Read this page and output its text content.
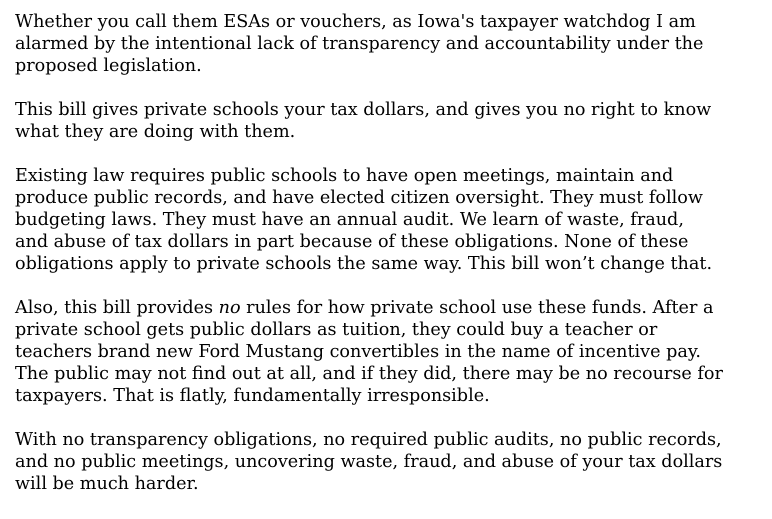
Whether you call them ESAs or vouchers, as Iowa's taxpayer watchdog I am
alarmed by the intentional lack of transparency and accountability under the
proposed legislation.

This bill gives private schools your tax dollars, and gives you no right to know
what they are doing with them.

Existing law requires public schools to have open meetings, maintain and
produce public records, and have elected citizen oversight. They must follow
budgeting laws. They must have an annual audit. We learn of waste, fraud,
and abuse of tax dollars in part because of these obligations. None of these
obligations apply to private schools the same way. This bill won’t change that.

Also, this bill provides no rules for how private school use these funds. After a
private school gets public dollars as tuition, they could buy a teacher or
teachers brand new Ford Mustang convertibles in the name of incentive pay.
The public may not find out at all, and if they did, there may be no recourse for
taxpayers. That is flatly, fundamentally irresponsible.

With no transparency obligations, no required public audits, no public records,
and no public meetings, uncovering waste, fraud, and abuse of your tax dollars
will be much harder.
